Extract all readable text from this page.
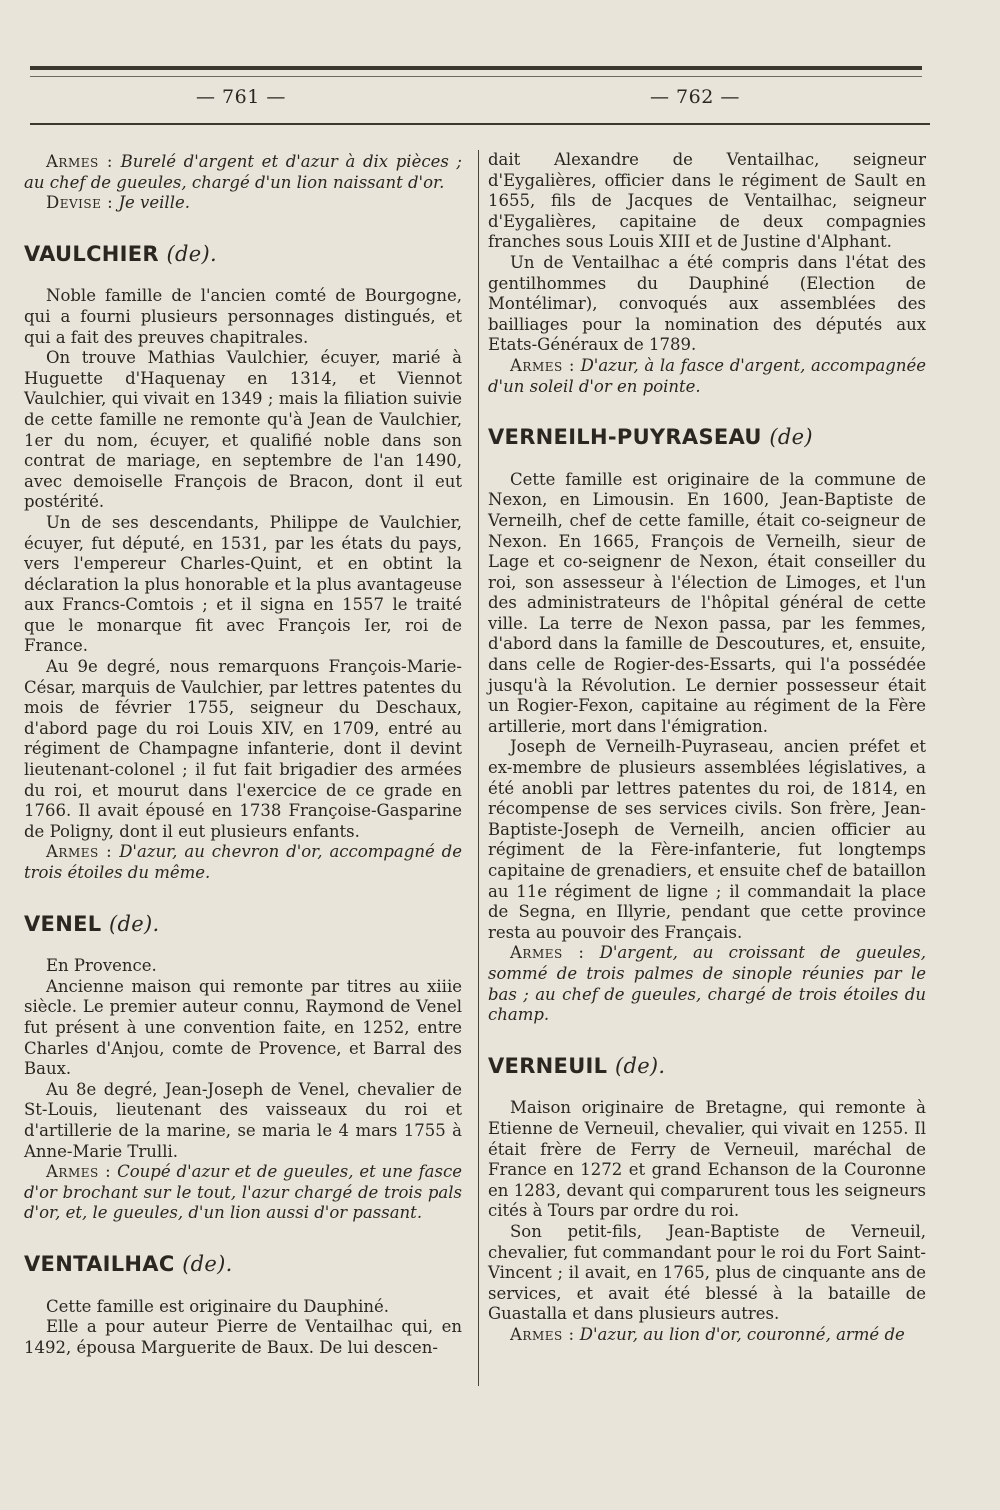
— 761 —	— 762 —

Armes : Burelé d'argent et d'azur à dix pièces ; au chef de gueules, chargé d'un lion naissant d'or.

Devise : Je veille.

VAULCHIER (de).

Noble famille de l'ancien comté de Bourgogne, qui a fourni plusieurs personnages distingués, et qui a fait des preuves chapitrales.

On trouve Mathias Vaulchier, écuyer, marié à Huguette d'Haquenay en 1314, et Viennot Vaulchier, qui vivait en 1349 ; mais la filiation suivie de cette famille ne remonte qu'à Jean de Vaulchier, 1er du nom, écuyer, et qualifié noble dans son contrat de mariage, en septembre de l'an 1490, avec demoiselle François de Bracon, dont il eut postérité.

Un de ses descendants, Philippe de Vaulchier, écuyer, fut député, en 1531, par les états du pays, vers l'empereur Charles-Quint, et en obtint la déclaration la plus honorable et la plus avantageuse aux Francs-Comtois ; et il signa en 1557 le traité que le monarque fit avec François Ier, roi de France.

Au 9e degré, nous remarquons François-Marie-César, marquis de Vaulchier, par lettres patentes du mois de février 1755, seigneur du Deschaux, d'abord page du roi Louis XIV, en 1709, entré au régiment de Champagne infanterie, dont il devint lieutenant-colonel ; il fut fait brigadier des armées du roi, et mourut dans l'exercice de ce grade en 1766. Il avait épousé en 1738 Françoise-Gasparine de Poligny, dont il eut plusieurs enfants.

Armes : D'azur, au chevron d'or, accompagné de trois étoiles du même.

VENEL (de).

En Provence.

Ancienne maison qui remonte par titres au xiiie siècle. Le premier auteur connu, Raymond de Venel fut présent à une convention faite, en 1252, entre Charles d'Anjou, comte de Provence, et Barral des Baux.

Au 8e degré, Jean-Joseph de Venel, chevalier de St-Louis, lieutenant des vaisseaux du roi et d'artillerie de la marine, se maria le 4 mars 1755 à Anne-Marie Trulli.

Armes : Coupé d'azur et de gueules, et une fasce d'or brochant sur le tout, l'azur chargé de trois pals d'or, et, le gueules, d'un lion aussi d'or passant.

VENTAILHAC (de).

Cette famille est originaire du Dauphiné.

Elle a pour auteur Pierre de Ventailhac qui, en 1492, épousa Marguerite de Baux. De lui descen-

dait Alexandre de Ventailhac, seigneur d'Eygalières, officier dans le régiment de Sault en 1655, fils de Jacques de Ventailhac, seigneur d'Eygalières, capitaine de deux compagnies franches sous Louis XIII et de Justine d'Alphant.

Un de Ventailhac a été compris dans l'état des gentilhommes du Dauphiné (Election de Montélimar), convoqués aux assemblées des bailliages pour la nomination des députés aux Etats-Généraux de 1789.

Armes : D'azur, à la fasce d'argent, accompagnée d'un soleil d'or en pointe.

VERNEILH-PUYRASEAU (de)

Cette famille est originaire de la commune de Nexon, en Limousin. En 1600, Jean-Baptiste de Verneilh, chef de cette famille, était co-seigneur de Nexon. En 1665, François de Verneilh, sieur de Lage et co-seignenr de Nexon, était conseiller du roi, son assesseur à l'élection de Limoges, et l'un des administrateurs de l'hôpital général de cette ville. La terre de Nexon passa, par les femmes, d'abord dans la famille de Descoutures, et, ensuite, dans celle de Rogier-des-Essarts, qui l'a possédée jusqu'à la Révolution. Le dernier possesseur était un Rogier-Fexon, capitaine au régiment de la Fère artillerie, mort dans l'émigration.

Joseph de Verneilh-Puyraseau, ancien préfet et ex-membre de plusieurs assemblées législatives, a été anobli par lettres patentes du roi, de 1814, en récompense de ses services civils. Son frère, Jean-Baptiste-Joseph de Verneilh, ancien officier au régiment de la Fère-infanterie, fut longtemps capitaine de grenadiers, et ensuite chef de bataillon au 11e régiment de ligne ; il commandait la place de Segna, en Illyrie, pendant que cette province resta au pouvoir des Français.

Armes : D'argent, au croissant de gueules, sommé de trois palmes de sinople réunies par le bas ; au chef de gueules, chargé de trois étoiles du champ.

VERNEUIL (de).

Maison originaire de Bretagne, qui remonte à Etienne de Verneuil, chevalier, qui vivait en 1255. Il était frère de Ferry de Verneuil, maréchal de France en 1272 et grand Echanson de la Couronne en 1283, devant qui comparurent tous les seigneurs cités à Tours par ordre du roi.

Son petit-fils, Jean-Baptiste de Verneuil, chevalier, fut commandant pour le roi du Fort Saint-Vincent ; il avait, en 1765, plus de cinquante ans de services, et avait été blessé à la bataille de Guastalla et dans plusieurs autres.

Armes : D'azur, au lion d'or, couronné, armé de
